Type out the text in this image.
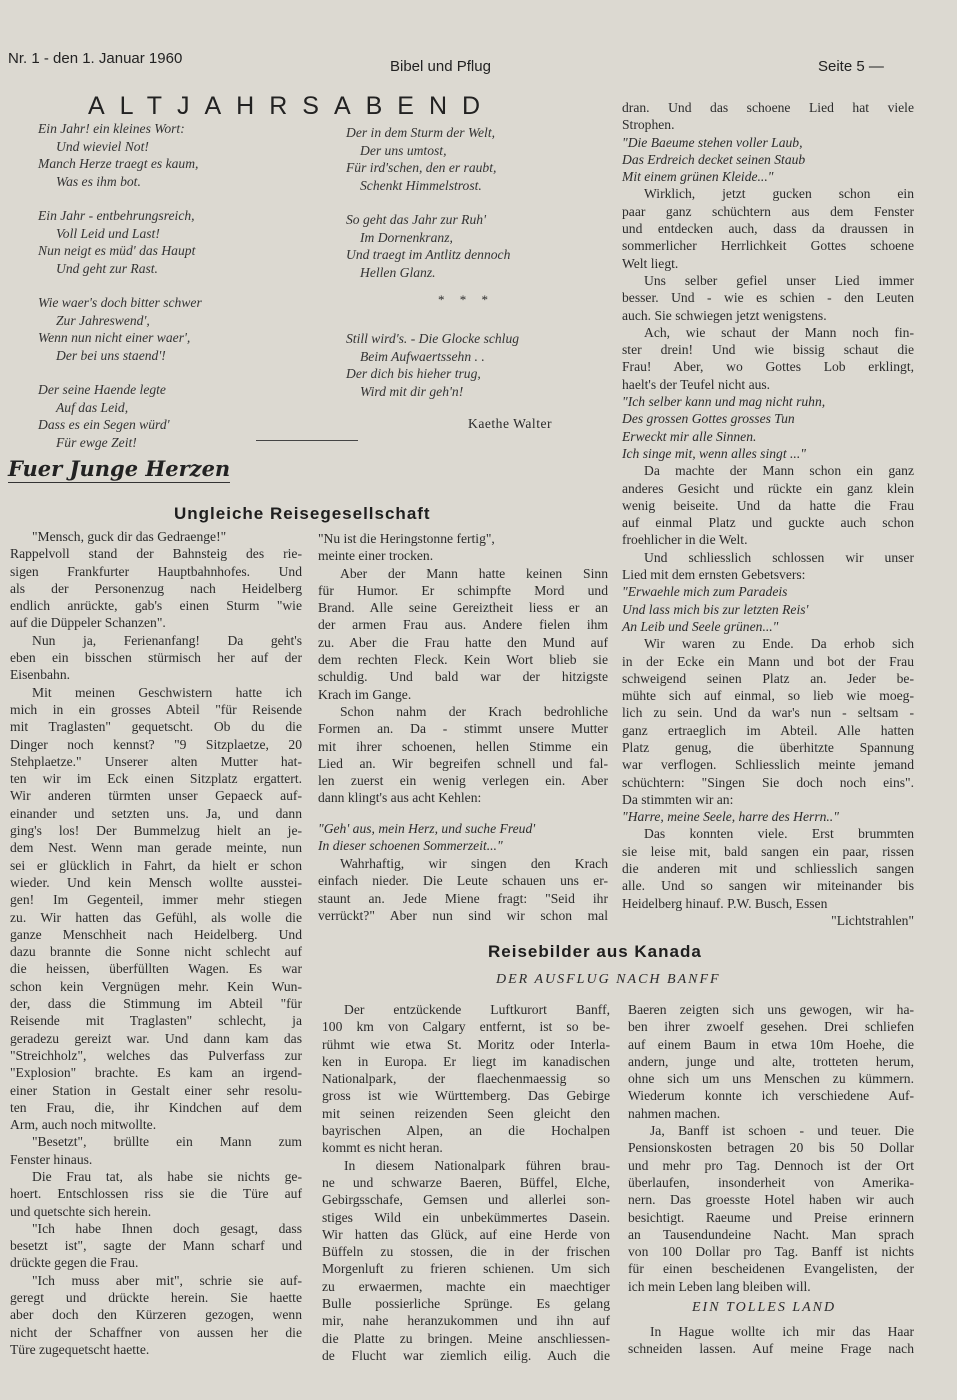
Nr. 1 - den 1. Januar 1960	Bibel und Pflug	Seite 5 —
ALTJAHRSABEND

Ein Jahr! ein kleines Wort:

Und wieviel Not!

Manch Herze traegt es kaum,

Was es ihm bot.

Ein Jahr - entbehrungsreich,

Voll Leid und Last!

Nun neigt es müd' das Haupt

Und geht zur Rast.

Wie waer's doch bitter schwer

Zur Jahreswend',

Wenn nun nicht einer waer',

Der bei uns staend'!

Der seine Haende legte

Auf das Leid,

Dass es ein Segen würd'

Für ewge Zeit!

Der in dem Sturm der Welt,

Der uns umtost,

Für ird'schen, den er raubt,

Schenkt Himmelstrost.

So geht das Jahr zur Ruh'

Im Dornenkranz,

Und traegt im Antlitz dennoch

Hellen Glanz.

* * *

Still wird's. - Die Glocke schlug

Beim Aufwaertssehn . .

Der dich bis hieher trug,

Wird mit dir geh'n!

Kaethe Walter
Fuer Junge Herzen
Ungleiche Reisegesellschaft

"Mensch, guck dir das Gedraenge!"

Rappelvoll stand der Bahnsteig des rie-

sigen Frankfurter Hauptbahnhofes. Und

als der Personenzug nach Heidelberg

endlich anrückte, gab's einen Sturm "wie

auf die Düppeler Schanzen".

Nun ja, Ferienanfang! Da geht's

eben ein bisschen stürmisch her auf der

Eisenbahn.

Mit meinen Geschwistern hatte ich

mich in ein grosses Abteil "für Reisende

mit Traglasten" gequetscht. Ob du die

Dinger noch kennst? "9 Sitzplaetze, 20

Stehplaetze." Unserer alten Mutter hat-

ten wir im Eck einen Sitzplatz ergattert.

Wir anderen türmten unser Gepaeck auf-

einander und setzten uns. Ja, und dann

ging's los! Der Bummelzug hielt an je-

dem Nest. Wenn man gerade meinte, nun

sei er glücklich in Fahrt, da hielt er schon

wieder. Und kein Mensch wollte ausstei-

gen! Im Gegenteil, immer mehr stiegen

zu. Wir hatten das Gefühl, als wolle die

ganze Menschheit nach Heidelberg. Und

dazu brannte die Sonne nicht schlecht auf

die heissen, überfüllten Wagen. Es war

schon kein Vergnügen mehr. Kein Wun-

der, dass die Stimmung im Abteil "für

Reisende mit Traglasten" schlecht, ja

geradezu gereizt war. Und dann kam das

"Streichholz", welches das Pulverfass zur

"Explosion" brachte. Es kam an irgend-

einer Station in Gestalt einer sehr resolu-

ten Frau, die, ihr Kindchen auf dem

Arm, auch noch mitwollte.

"Besetzt", brüllte ein Mann zum

Fenster hinaus.

Die Frau tat, als habe sie nichts ge-

hoert. Entschlossen riss sie die Türe auf

und quetschte sich herein.

"Ich habe Ihnen doch gesagt, dass

besetzt ist", sagte der Mann scharf und

drückte gegen die Frau.

"Ich muss aber mit", schrie sie auf-

geregt und drückte herein. Sie haette

aber doch den Kürzeren gezogen, wenn

nicht der Schaffner von aussen her die

Türe zugequetscht haette.

"Nu ist die Heringstonne fertig",

meinte einer trocken.

Aber der Mann hatte keinen Sinn

für Humor. Er schimpfte Mord und

Brand. Alle seine Gereiztheit liess er an

der armen Frau aus. Andere fielen ihm

zu. Aber die Frau hatte den Mund auf

dem rechten Fleck. Kein Wort blieb sie

schuldig. Und bald war der hitzigste

Krach im Gange.

Schon nahm der Krach bedrohliche

Formen an. Da - stimmt unsere Mutter

mit ihrer schoenen, hellen Stimme ein

Lied an. Wir begreifen schnell und fal-

len zuerst ein wenig verlegen ein. Aber

dann klingt's aus acht Kehlen:

"Geh' aus, mein Herz, und suche Freud'

In dieser schoenen Sommerzeit..."

Wahrhaftig, wir singen den Krach

einfach nieder. Die Leute schauen uns er-

staunt an. Jede Miene fragt: "Seid ihr

verrückt?" Aber nun sind wir schon mal

dran. Und das schoene Lied hat viele

Strophen.

"Die Baeume stehen voller Laub,

Das Erdreich decket seinen Staub

Mit einem grünen Kleide..."

Wirklich, jetzt gucken schon ein

paar ganz schüchtern aus dem Fenster

und entdecken auch, dass da draussen in

sommerlicher Herrlichkeit Gottes schoene

Welt liegt.

Uns selber gefiel unser Lied immer

besser. Und - wie es schien - den Leuten

auch. Sie schwiegen jetzt wenigstens.

Ach, wie schaut der Mann noch fin-

ster drein! Und wie bissig schaut die

Frau! Aber, wo Gottes Lob erklingt,

haelt's der Teufel nicht aus.

"Ich selber kann und mag nicht ruhn,

Des grossen Gottes grosses Tun

Erweckt mir alle Sinnen.

Ich singe mit, wenn alles singt ..."

Da machte der Mann schon ein ganz

anderes Gesicht und rückte ein ganz klein

wenig beiseite. Und da hatte die Frau

auf einmal Platz und guckte auch schon

froehlicher in die Welt.

Und schliesslich schlossen wir unser

Lied mit dem ernsten Gebetsvers:

"Erwaehle mich zum Paradeis

Und lass mich bis zur letzten Reis'

An Leib und Seele grünen..."

Wir waren zu Ende. Da erhob sich

in der Ecke ein Mann und bot der Frau

schweigend seinen Platz an. Jeder be-

mühte sich auf einmal, so lieb wie moeg-

lich zu sein. Und da war's nun - seltsam -

ganz ertraeglich im Abteil. Alle hatten

Platz genug, die überhitzte Spannung

war verflogen. Schliesslich meinte jemand

schüchtern: "Singen Sie doch noch eins".

Da stimmten wir an:

"Harre, meine Seele, harre des Herrn.."

Das konnten viele. Erst brummten

sie leise mit, bald sangen ein paar, rissen

die anderen mit und schliesslich sangen

alle. Und so sangen wir miteinander bis

Heidelberg hinauf. P.W. Busch, Essen

"Lichtstrahlen"

Reisebilder aus Kanada
DER AUSFLUG NACH BANFF

Der entzückende Luftkurort Banff,

100 km von Calgary entfernt, ist so be-

rühmt wie etwa St. Moritz oder Interla-

ken in Europa. Er liegt im kanadischen

Nationalpark, der flaechenmaessig so

gross ist wie Württemberg. Das Gebirge

mit seinen reizenden Seen gleicht den

bayrischen Alpen, an die Hochalpen

kommt es nicht heran.

In diesem Nationalpark führen brau-

ne und schwarze Baeren, Büffel, Elche,

Gebirgsschafe, Gemsen und allerlei son-

stiges Wild ein unbekümmertes Dasein.

Wir hatten das Glück, auf eine Herde von

Büffeln zu stossen, die in der frischen

Morgenluft zu frieren schienen. Um sich

zu erwaermen, machte ein maechtiger

Bulle possierliche Sprünge. Es gelang

mir, nahe heranzukommen und ihn auf

die Platte zu bringen. Meine anschliessen-

de Flucht war ziemlich eilig. Auch die

Baeren zeigten sich uns gewogen, wir ha-

ben ihrer zwoelf gesehen. Drei schliefen

auf einem Baum in etwa 10m Hoehe, die

andern, junge und alte, trotteten herum,

ohne sich um uns Menschen zu kümmern.

Wiederum konnte ich verschiedene Auf-

nahmen machen.

Ja, Banff ist schoen - und teuer. Die

Pensionskosten betragen 20 bis 50 Dollar

und mehr pro Tag. Dennoch ist der Ort

überlaufen, insonderheit von Amerika-

nern. Das groesste Hotel haben wir auch

besichtigt. Raeume und Preise erinnern

an Tausendundeine Nacht. Man sprach

von 100 Dollar pro Tag. Banff ist nichts

für einen bescheidenen Evangelisten, der

ich mein Leben lang bleiben will.

EIN TOLLES LAND

In Hague wollte ich mir das Haar

schneiden lassen. Auf meine Frage nach
